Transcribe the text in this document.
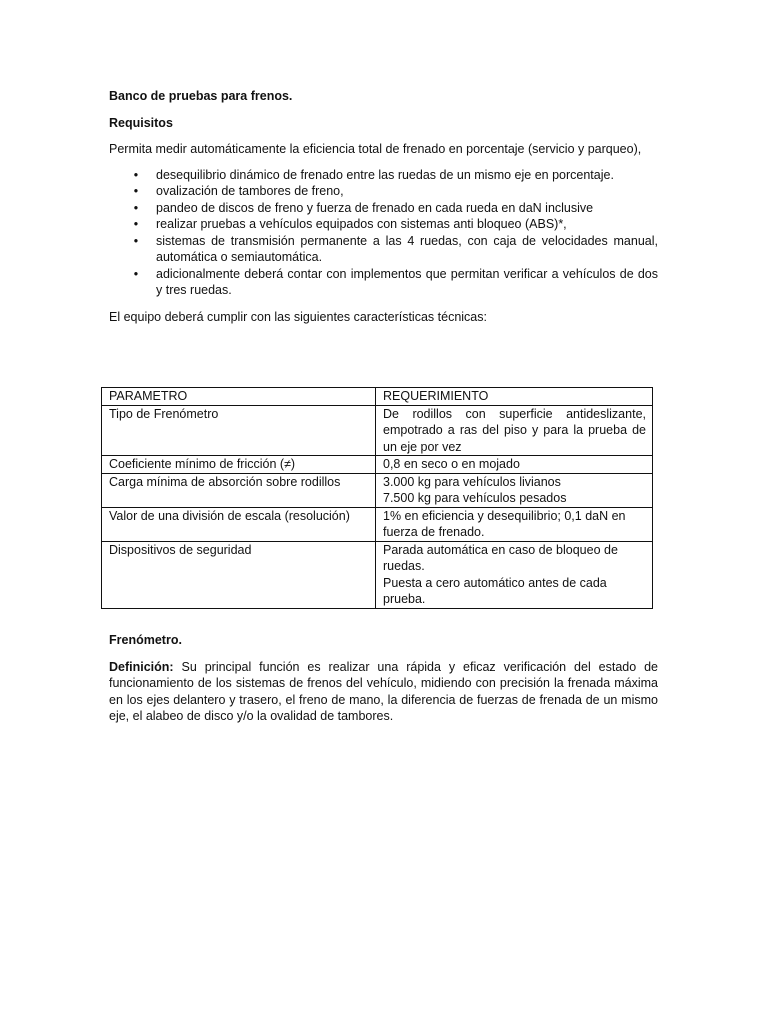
Banco de pruebas para frenos.

Requisitos

Permita medir automáticamente la eficiencia total de frenado en porcentaje (servicio y parqueo),

•	desequilibrio dinámico de frenado entre las ruedas de un mismo eje en porcentaje.
•	ovalización de tambores de freno,
•	pandeo de discos de freno y fuerza de frenado en cada rueda en daN inclusive
•	realizar pruebas a vehículos equipados con sistemas anti bloqueo (ABS)*,
•	sistemas de transmisión permanente a las 4 ruedas, con caja de velocidades manual, automática o semiautomática.
•	adicionalmente deberá contar con implementos que permitan verificar a vehículos de dos y tres ruedas.

El equipo deberá cumplir con las siguientes características técnicas:

PARAMETRO	REQUERIMIENTO
Tipo de Frenómetro	De rodillos con superficie antideslizante, empotrado a ras del piso y para la prueba de un eje por vez
Coeficiente mínimo de fricción (≠)	0,8 en seco o en mojado
Carga mínima de absorción sobre rodillos	3.000 kg para vehículos livianos
7.500 kg para vehículos pesados

Valor de una división de escala (resolución)	1% en eficiencia y desequilibrio; 0,1 daN en fuerza de frenado.
Dispositivos de seguridad	Parada automática en caso de bloqueo de ruedas.
Puesta a cero automático antes de cada prueba.

Frenómetro.

Definición: Su principal función es realizar una rápida y eficaz verificación del estado de funcionamiento de los sistemas de frenos del vehículo, midiendo con precisión la frenada máxima en los ejes delantero y trasero, el freno de mano, la diferencia de fuerzas de frenada de un mismo eje, el alabeo de disco y/o la ovalidad de tambores.
